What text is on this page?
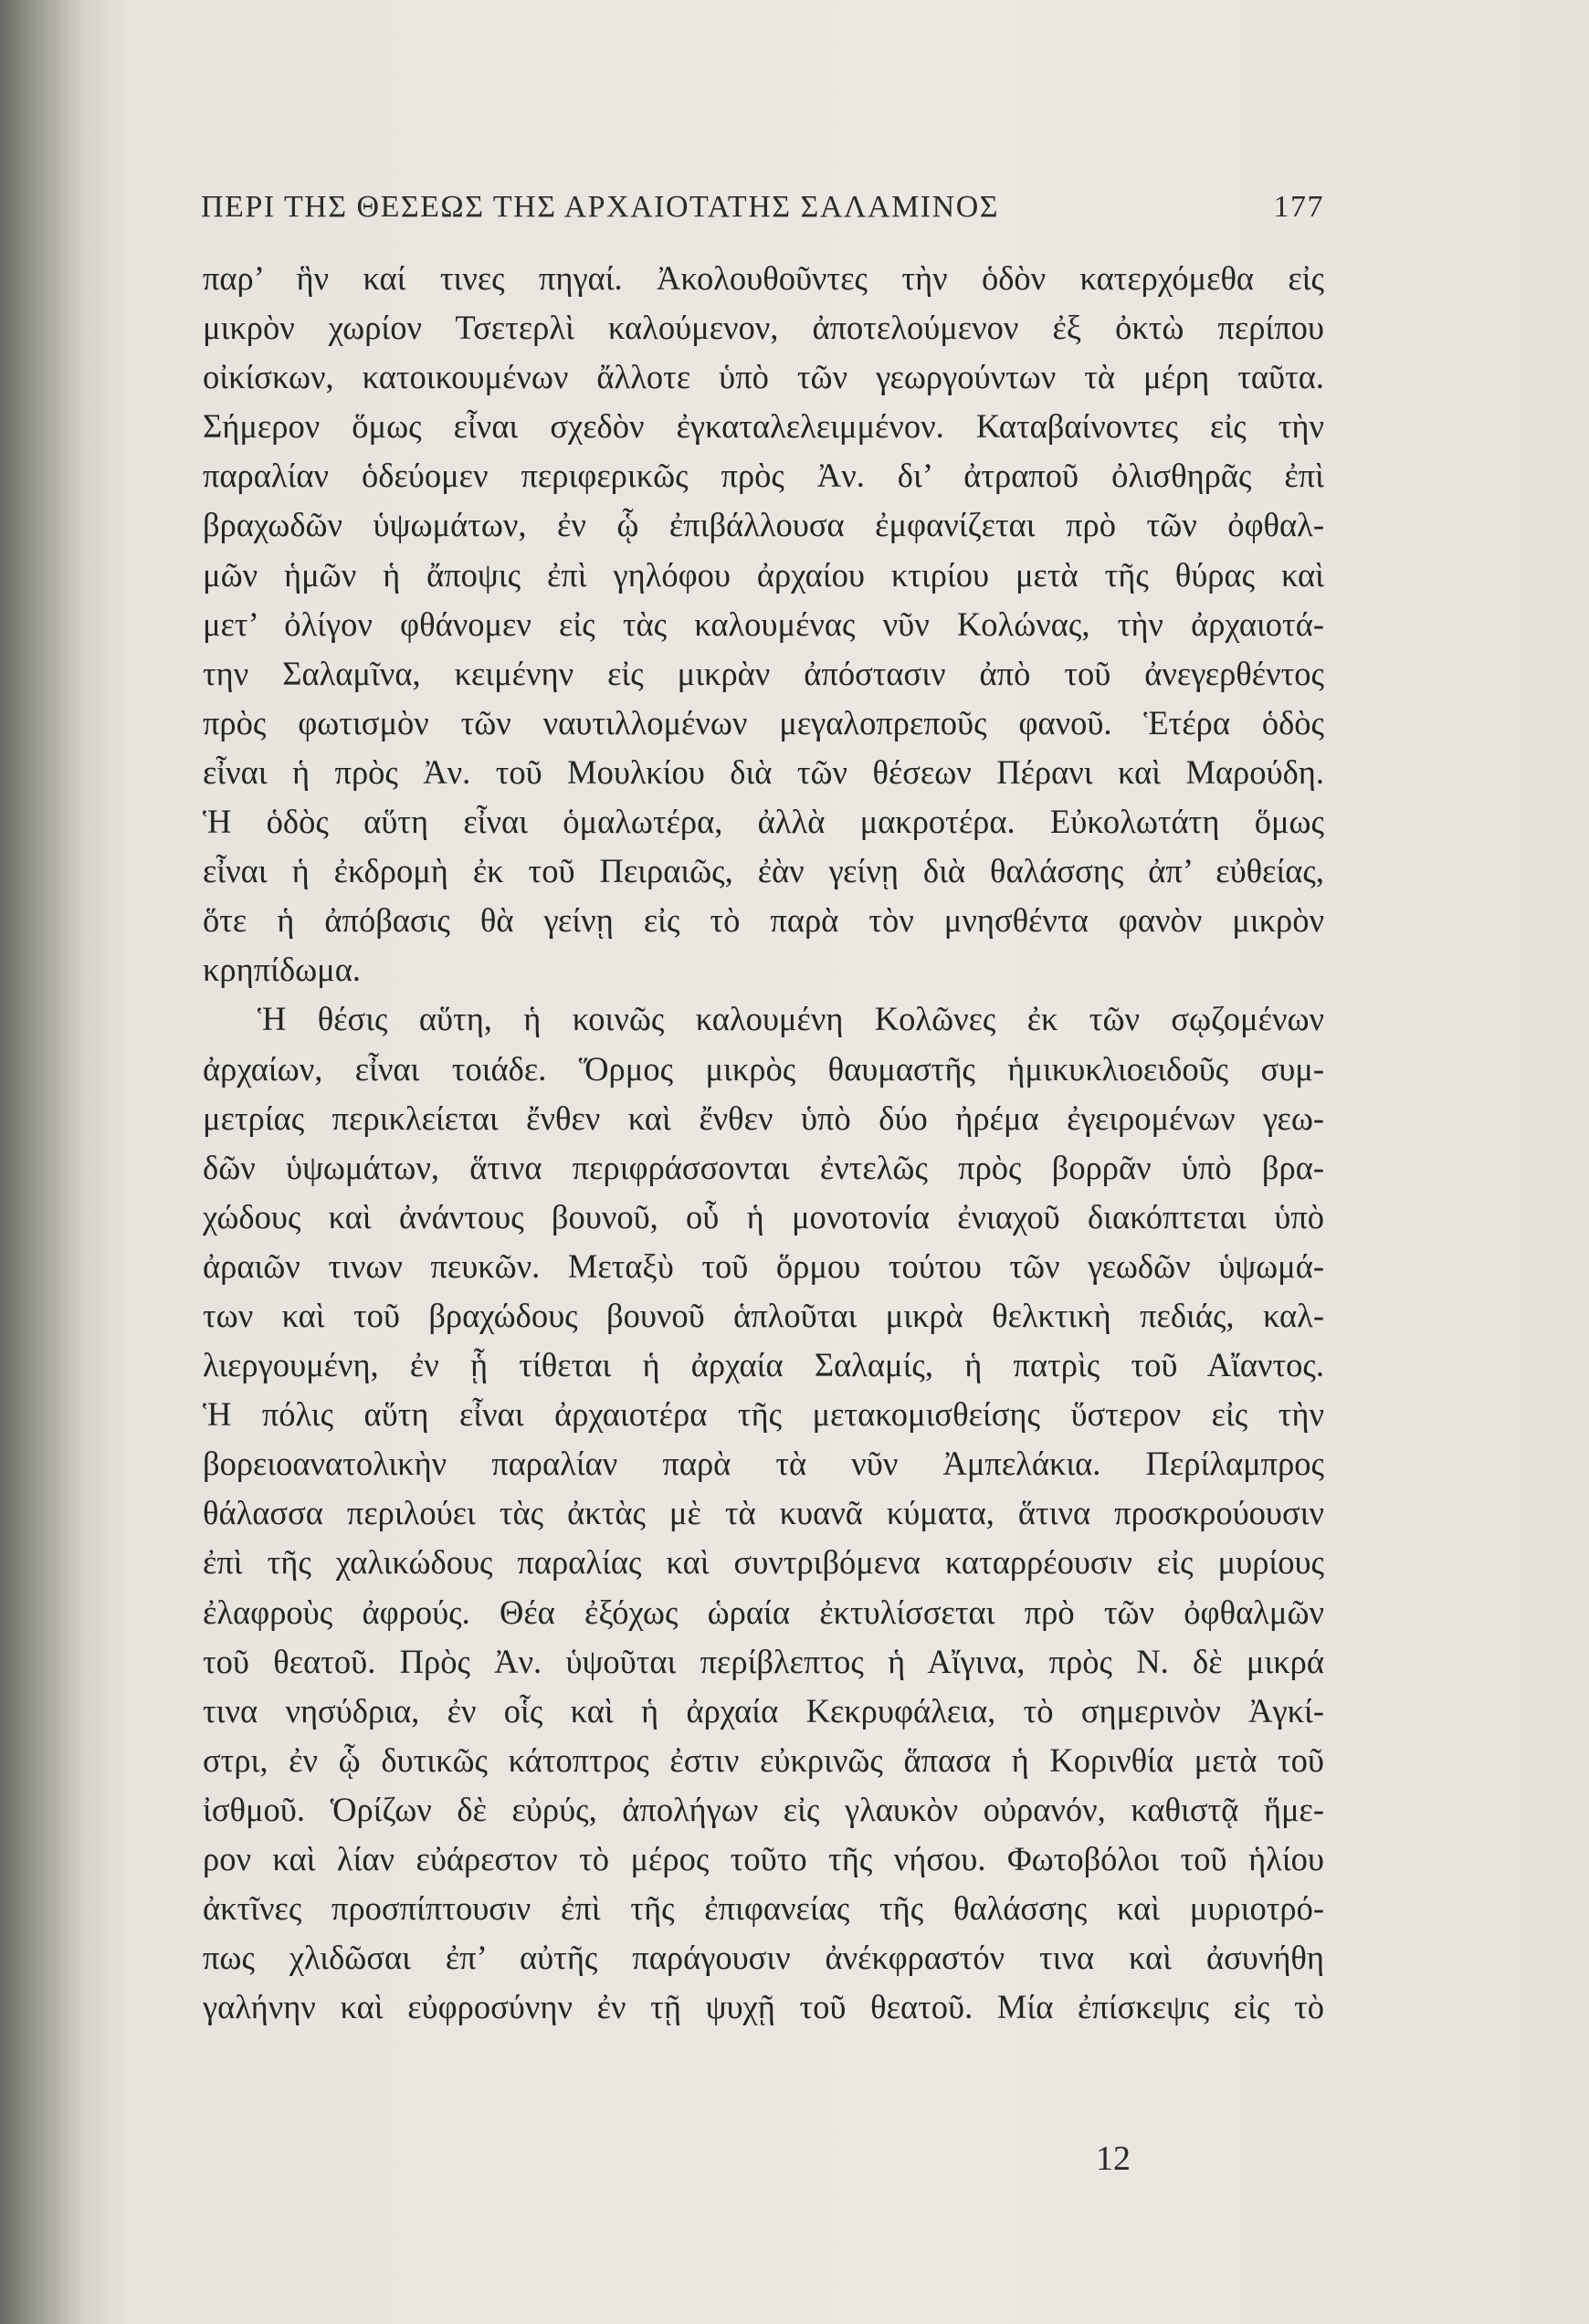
ΠΕΡΙ ΤΗΣ ΘΕΣΕΩΣ ΤΗΣ ΑΡΧΑΙΟΤΑΤΗΣ ΣΑΛΑΜΙΝΟΣ	177
παρ’ ἣν καί τινες πηγαί. Ἀκολουθοῦντες τὴν ὁδὸν κατερχόμεθα εἰς
μικρὸν χωρίον Τσετερλὶ καλούμενον, ἀποτελούμενον ἐξ ὀκτὼ περίπου
οἰκίσκων, κατοικουμένων ἄλλοτε ὑπὸ τῶν γεωργούντων τὰ μέρη ταῦτα.
Σήμερον ὅμως εἶναι σχεδὸν ἐγκαταλελειμμένον. Καταβαίνοντες εἰς τὴν
παραλίαν ὁδεύομεν περιφερικῶς πρὸς Ἀν. δι’ ἀτραποῦ ὀλισθηρᾶς ἐπὶ
βραχωδῶν ὑψωμάτων, ἐν ᾧ ἐπιβάλλουσα ἐμφανίζεται πρὸ τῶν ὀφθαλ-
μῶν ἡμῶν ἡ ἄποψις ἐπὶ γηλόφου ἀρχαίου κτιρίου μετὰ τῆς θύρας καὶ
μετ’ ὀλίγον φθάνομεν εἰς τὰς καλουμένας νῦν Κολώνας, τὴν ἀρχαιοτά-
την Σαλαμῖνα, κειμένην εἰς μικρὰν ἀπόστασιν ἀπὸ τοῦ ἀνεγερθέντος
πρὸς φωτισμὸν τῶν ναυτιλλομένων μεγαλοπρεποῦς φανοῦ. Ἑτέρα ὁδὸς
εἶναι ἡ πρὸς Ἀν. τοῦ Μουλκίου διὰ τῶν θέσεων Πέρανι καὶ Μαρούδη.
Ἡ ὁδὸς αὕτη εἶναι ὁμαλωτέρα, ἀλλὰ μακροτέρα. Εὐκολωτάτη ὅμως
εἶναι ἡ ἐκδρομὴ ἐκ τοῦ Πειραιῶς, ἐὰν γείνῃ διὰ θαλάσσης ἀπ’ εὐθείας,
ὅτε ἡ ἀπόβασις θὰ γείνῃ εἰς τὸ παρὰ τὸν μνησθέντα φανὸν μικρὸν
κρηπίδωμα.
Ἡ θέσις αὕτη, ἡ κοινῶς καλουμένη Κολῶνες ἐκ τῶν σῳζομένων
ἀρχαίων, εἶναι τοιάδε. Ὅρμος μικρὸς θαυμαστῆς ἡμικυκλιοειδοῦς συμ-
μετρίας περικλείεται ἔνθεν καὶ ἔνθεν ὑπὸ δύο ἠρέμα ἐγειρομένων γεω-
δῶν ὑψωμάτων, ἅτινα περιφράσσονται ἐντελῶς πρὸς βορρᾶν ὑπὸ βρα-
χώδους καὶ ἀνάντους βουνοῦ, οὗ ἡ μονοτονία ἐνιαχοῦ διακόπτεται ὑπὸ
ἀραιῶν τινων πευκῶν. Μεταξὺ τοῦ ὅρμου τούτου τῶν γεωδῶν ὑψωμά-
των καὶ τοῦ βραχώδους βουνοῦ ἁπλοῦται μικρὰ θελκτικὴ πεδιάς, καλ-
λιεργουμένη, ἐν ᾗ τίθεται ἡ ἀρχαία Σαλαμίς, ἡ πατρὶς τοῦ Αἴαντος.
Ἡ πόλις αὕτη εἶναι ἀρχαιοτέρα τῆς μετακομισθείσης ὕστερον εἰς τὴν
βορειοανατολικὴν παραλίαν παρὰ τὰ νῦν Ἀμπελάκια. Περίλαμπρος
θάλασσα περιλούει τὰς ἀκτὰς μὲ τὰ κυανᾶ κύματα, ἅτινα προσκρούουσιν
ἐπὶ τῆς χαλικώδους παραλίας καὶ συντριβόμενα καταρρέουσιν εἰς μυρίους
ἐλαφροὺς ἀφρούς. Θέα ἐξόχως ὡραία ἐκτυλίσσεται πρὸ τῶν ὀφθαλμῶν
τοῦ θεατοῦ. Πρὸς Ἀν. ὑψοῦται περίβλεπτος ἡ Αἴγινα, πρὸς Ν. δὲ μικρά
τινα νησύδρια, ἐν οἷς καὶ ἡ ἀρχαία Κεκρυφάλεια, τὸ σημερινὸν Ἀγκί-
στρι, ἐν ᾧ δυτικῶς κάτοπτρος ἐστιν εὐκρινῶς ἅπασα ἡ Κορινθία μετὰ τοῦ
ἰσθμοῦ. Ὁρίζων δὲ εὐρύς, ἀπολήγων εἰς γλαυκὸν οὐρανόν, καθιστᾷ ἥμε-
ρον καὶ λίαν εὐάρεστον τὸ μέρος τοῦτο τῆς νήσου. Φωτοβόλοι τοῦ ἡλίου
ἀκτῖνες προσπίπτουσιν ἐπὶ τῆς ἐπιφανείας τῆς θαλάσσης καὶ μυριοτρό-
πως χλιδῶσαι ἐπ’ αὐτῆς παράγουσιν ἀνέκφραστόν τινα καὶ ἀσυνήθη
γαλήνην καὶ εὐφροσύνην ἐν τῇ ψυχῇ τοῦ θεατοῦ. Μία ἐπίσκεψις εἰς τὸ
12
